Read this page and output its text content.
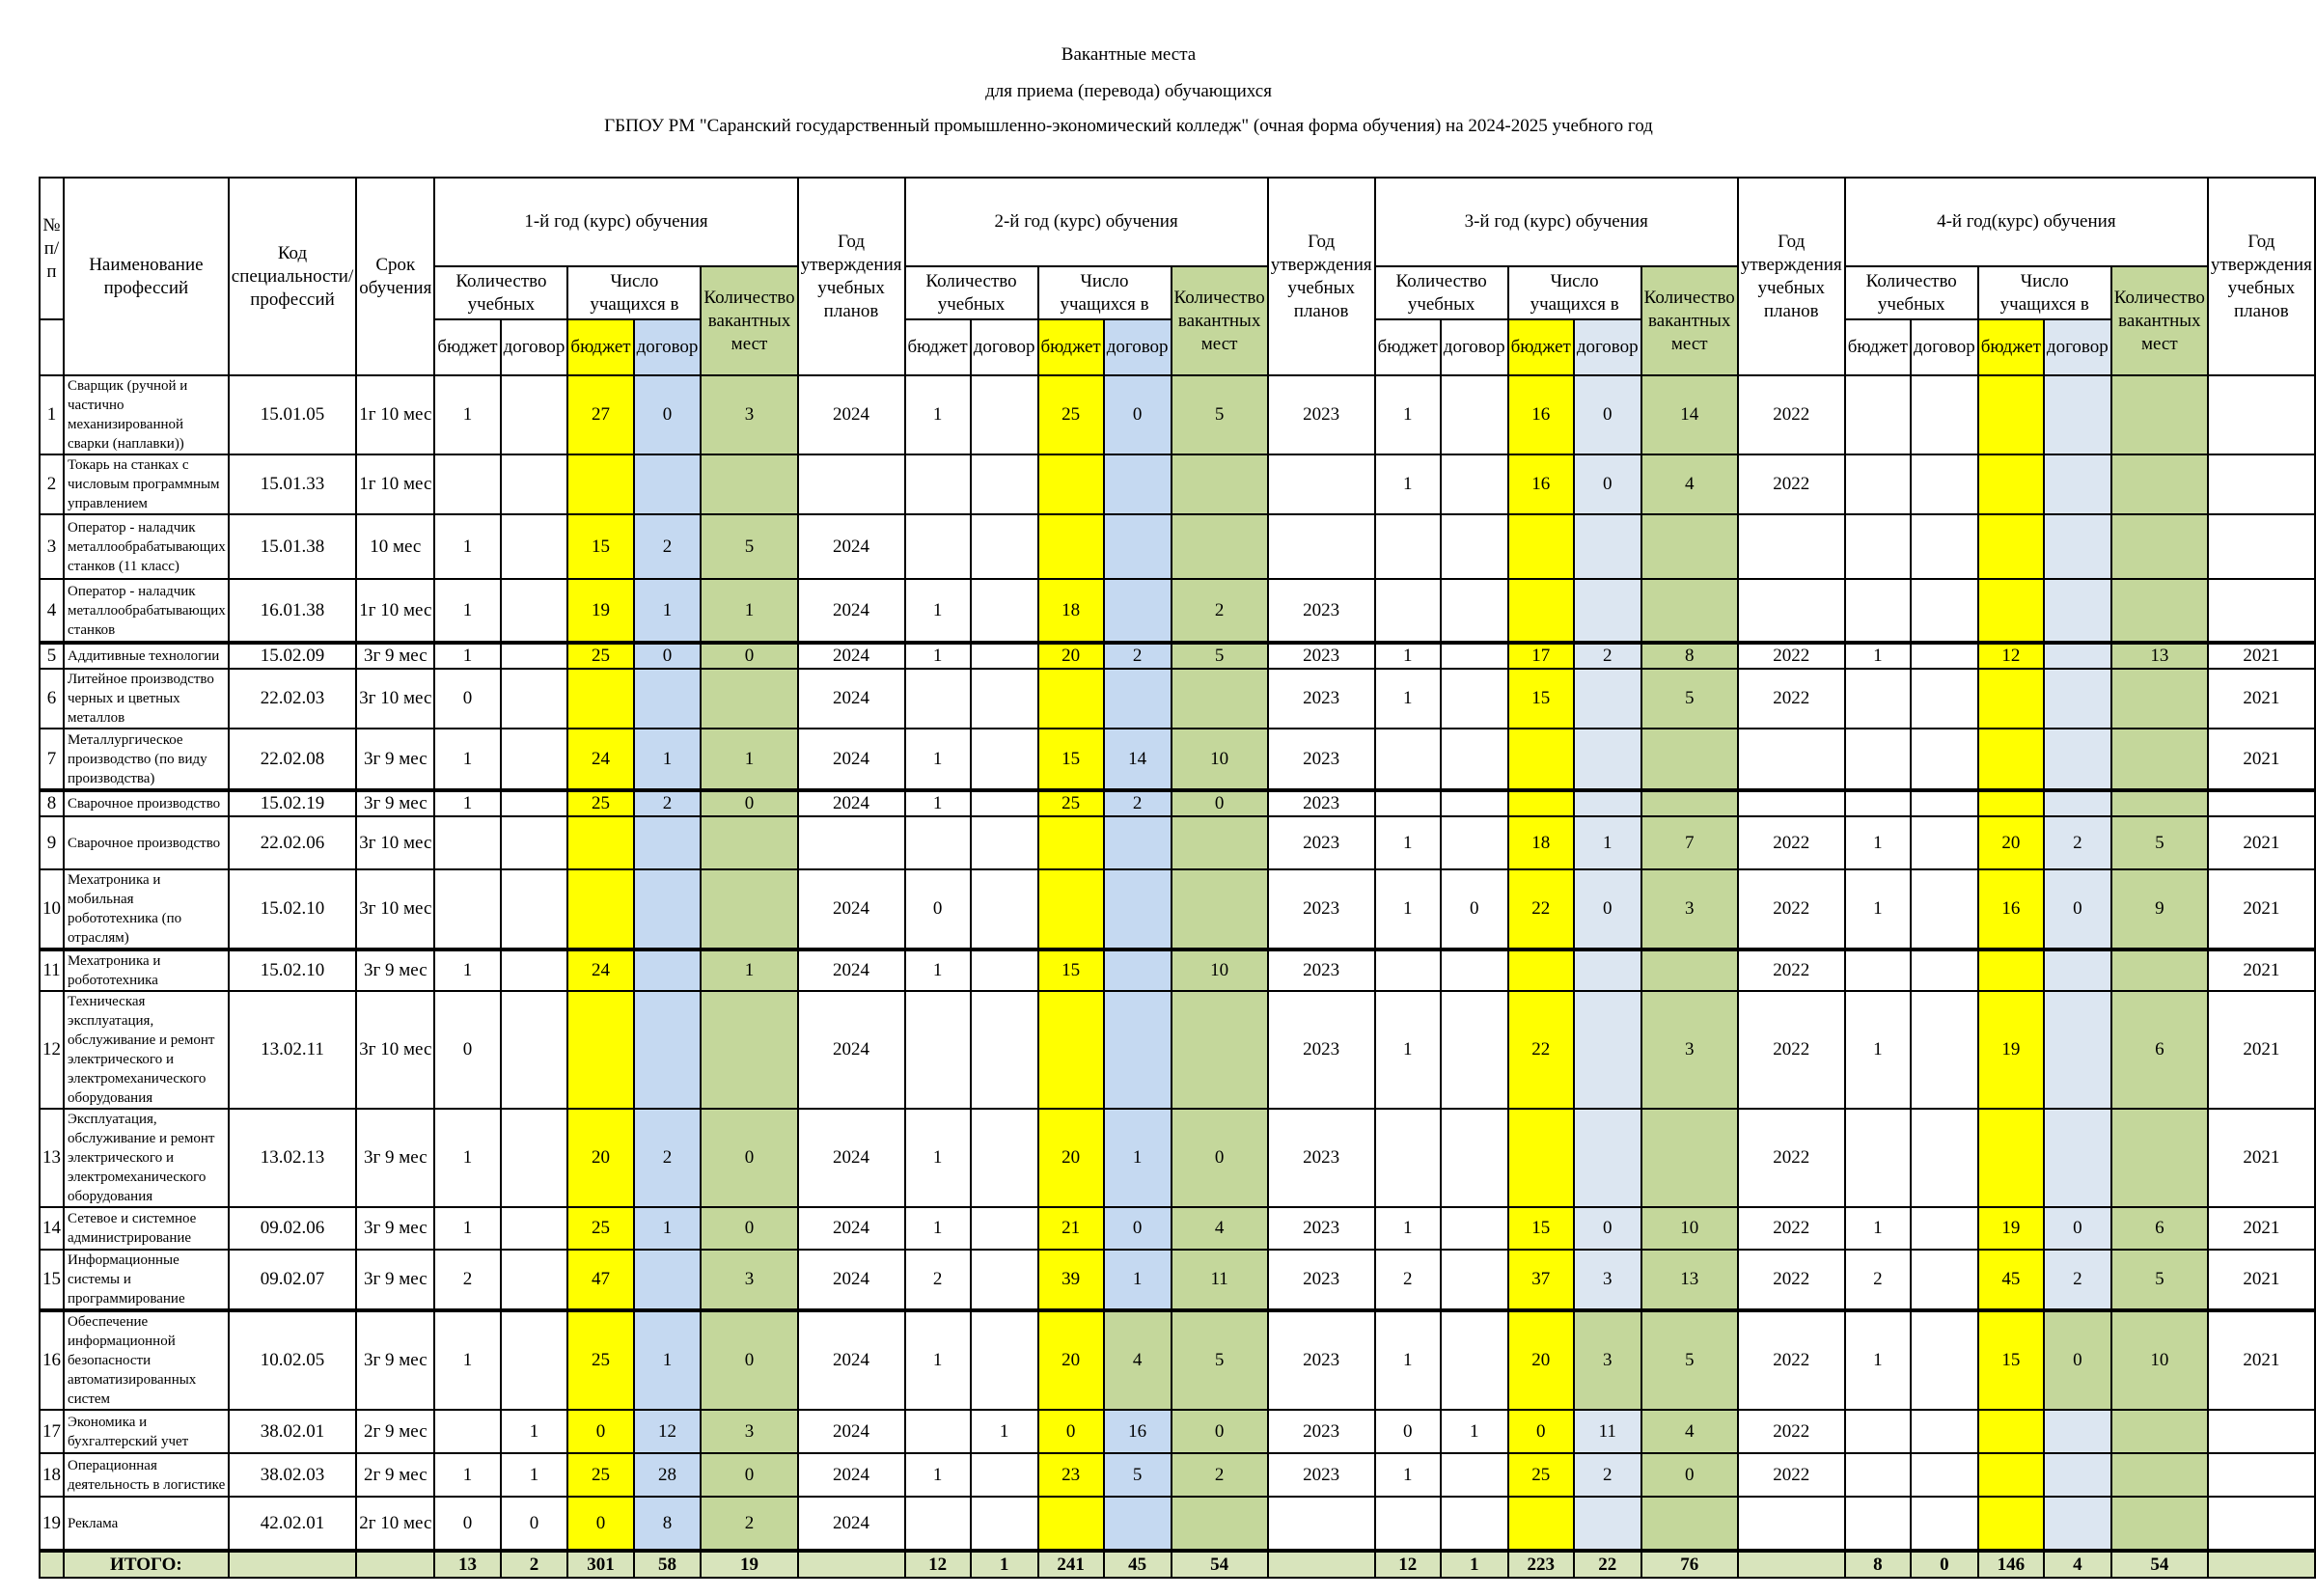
Вакантные места
для приема (перевода) обучающихся
ГБПОУ РМ "Саранский государственный промышленно-экономический колледж" (очная форма обучения) на 2024-2025 учебного год
№ п/п	Наименование профессий	Код специальности/профессий	Срок обучения	1-й год (курс) обучения					Год утверждения учебных планов	2-й год (курс) обучения					Год утверждения учебных планов	3-й год (курс) обучения					Год утверждения учебных планов	4-й год(курс) обучения					Год утверждения учебных планов
				Количество учебных		Число учащихся в		Количество вакантных мест		Количество учебных		Число учащихся в		Количество вакантных мест		Количество учебных		Число учащихся в		Количество вакантных мест		Количество учебных		Число учащихся в		Количество вакантных мест	
				бюджет	договор	бюджет	договор			бюджет	договор	бюджет	договор			бюджет	договор	бюджет	договор			бюджет	договор	бюджет	договор		
1	Сварщик (ручной и частично механизированной сварки (наплавки))	15.01.05	1г 10 мес	1		27	0	3	2024	1		25	0	5	2023	1		16	0	14	2022						
2	Токарь на станках с числовым программным управлением	15.01.33	1г 10 мес													1		16	0	4	2022						
3	Оператор - наладчик металлообрабатывающих станков (11 класс)	15.01.38	10 мес	1		15	2	5	2024																		
4	Оператор - наладчик металлообрабатывающих станков	16.01.38	1г 10 мес	1		19	1	1	2024	1		18		2	2023												
5	Аддитивные технологии	15.02.09	3г 9 мес	1		25	0	0	2024	1		20	2	5	2023	1		17	2	8	2022	1		12		13	2021
6	Литейное производство черных и цветных металлов	22.02.03	3г 10 мес	0					2024						2023	1		15		5	2022						2021
7	Металлургическое производство (по виду производства)	22.02.08	3г 9 мес	1		24	1	1	2024	1		15	14	10	2023												2021
8	Сварочное производство	15.02.19	3г 9 мес	1		25	2	0	2024	1		25	2	0	2023												
9	Сварочное производство	22.02.06	3г 10 мес												2023	1		18	1	7	2022	1		20	2	5	2021
10	Мехатроника и мобильная робототехника (по отраслям)	15.02.10	3г 10 мес						2024	0					2023	1	0	22	0	3	2022	1		16	0	9	2021
11	Мехатроника и робототехника	15.02.10	3г 9 мес	1		24		1	2024	1		15		10	2023						2022						2021
12	Техническая эксплуатация, обслуживание и ремонт электрического и электромеханического оборудования	13.02.11	3г 10 мес	0					2024						2023	1		22		3	2022	1		19		6	2021
13	Эксплуатация, обслуживание и ремонт электрического и электромеханического оборудования	13.02.13	3г 9 мес	1		20	2	0	2024	1		20	1	0	2023						2022						2021
14	Сетевое и системное администрирование	09.02.06	3г 9 мес	1		25	1	0	2024	1		21	0	4	2023	1		15	0	10	2022	1		19	0	6	2021
15	Информационные системы и программирование	09.02.07	3г 9 мес	2		47		3	2024	2		39	1	11	2023	2		37	3	13	2022	2		45	2	5	2021
16	Обеспечение информационной безопасности автоматизированных систем	10.02.05	3г 9 мес	1		25	1	0	2024	1		20	4	5	2023	1		20	3	5	2022	1		15	0	10	2021
17	Экономика и бухгалтерский учет	38.02.01	2г 9 мес		1	0	12	3	2024		1	0	16	0	2023	0	1	0	11	4	2022						
18	Операционная деятельность в логистике	38.02.03	2г 9 мес	1	1	25	28	0	2024	1		23	5	2	2023	1		25	2	0	2022						
19	Реклама	42.02.01	2г 10 мес	0	0	0	8	2	2024																		
	ИТОГО:			13	2	301	58	19		12	1	241	45	54		12	1	223	22	76		8	0	146	4	54	
